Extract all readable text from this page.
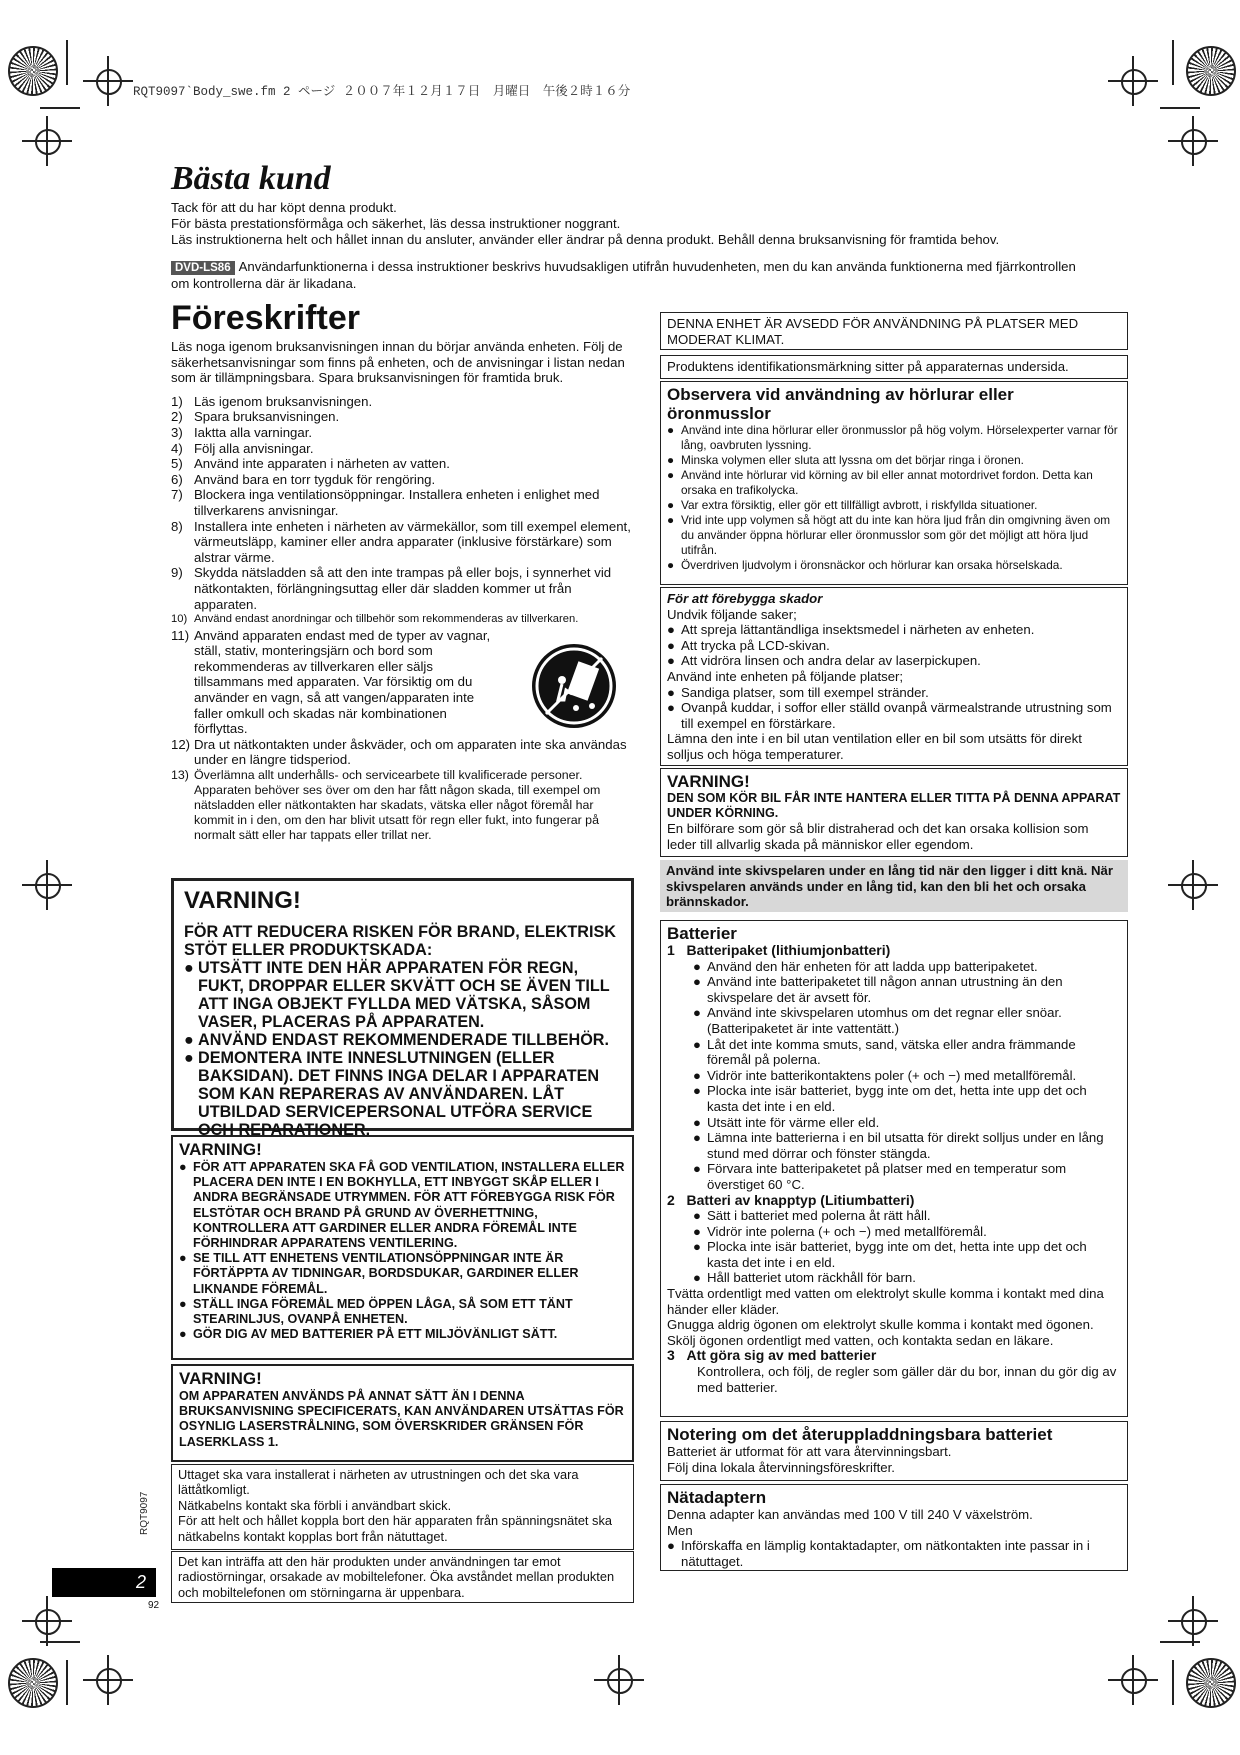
RQT9097`Body_swe.fm 2 ページ ２００７年１２月１７日　月曜日　午後２時１６分
Bästa kund

Tack för att du har köpt denna produkt.

För bästa prestationsförmåga och säkerhet, läs dessa instruktioner noggrant.

Läs instruktionerna helt och hållet innan du ansluter, använder eller ändrar på denna produkt. Behåll denna bruksanvisning för framtida behov.

DVD-LS86 Användarfunktionerna i dessa instruktioner beskrivs huvudsakligen utifrån huvudenheten, men du kan använda funktionerna med fjärrkontrollen om kontrollerna där är likadana.
Föreskrifter

Läs noga igenom bruksanvisningen innan du börjar använda enheten. Följ de säkerhetsanvisningar som finns på enheten, och de anvisningar i listan nedan som är tillämpningsbara. Spara bruksanvisningen för framtida bruk.

1) Läs igenom bruksanvisningen.
2) Spara bruksanvisningen.
3) Iaktta alla varningar.
4) Följ alla anvisningar.
5) Använd inte apparaten i närheten av vatten.
6) Använd bara en torr tygduk för rengöring.
7) Blockera inga ventilationsöppningar. Installera enheten i enlighet med tillverkarens anvisningar.
8) Installera inte enheten i närheten av värmekällor, som till exempel element, värmeutsläpp, kaminer eller andra apparater (inklusive förstärkare) som alstrar värme.
9) Skydda nätsladden så att den inte trampas på eller bojs, i synnerhet vid nätkontakten, förlängningsuttag eller där sladden kommer ut från apparaten.
10) Använd endast anordningar och tillbehör som rekommenderas av tillverkaren.
11) Använd apparaten endast med de typer av vagnar, ställ, stativ, monteringsjärn och bord som rekommenderas av tillverkaren eller säljs tillsammans med apparaten. Var försiktig om du använder en vagn, så att vangen/apparaten inte faller omkull och skadas när kombinationen förflyttas.
12) Dra ut nätkontakten under åskväder, och om apparaten inte ska användas under en längre tidsperiod.
13) Överlämna allt underhålls- och servicearbete till kvalificerade personer. Apparaten behöver ses över om den har fått någon skada, till exempel om nätsladden eller nätkontakten har skadats, vätska eller något föremål har kommit in i den, om den har blivit utsatt för regn eller fukt, into fungerar på normalt sätt eller har tappats eller trillat ner.
VARNING!
FÖR ATT REDUCERA RISKEN FÖR BRAND, ELEKTRISK STÖT ELLER PRODUKTSKADA:
● UTSÄTT INTE DEN HÄR APPARATEN FÖR REGN, FUKT, DROPPAR ELLER SKVÄTT OCH SE ÄVEN TILL ATT INGA OBJEKT FYLLDA MED VÄTSKA, SÅSOM VASER, PLACERAS PÅ APPARATEN.
● ANVÄND ENDAST REKOMMENDERADE TILLBEHÖR.
● DEMONTERA INTE INNESLUTNINGEN (ELLER BAKSIDAN). DET FINNS INGA DELAR I APPARATEN SOM KAN REPARERAS AV ANVÄNDAREN. LÅT UTBILDAD SERVICEPERSONAL UTFÖRA SERVICE OCH REPARATIONER.
VARNING!
● FÖR ATT APPARATEN SKA FÅ GOD VENTILATION, INSTALLERA ELLER PLACERA DEN INTE I EN BOKHYLLA, ETT INBYGGT SKÅP ELLER I ANDRA BEGRÄNSADE UTRYMMEN. FÖR ATT FÖREBYGGA RISK FÖR ELSTÖTAR OCH BRAND PÅ GRUND AV ÖVERHETTNING, KONTROLLERA ATT GARDINER ELLER ANDRA FÖREMÅL INTE FÖRHINDRAR APPARATENS VENTILERING.
● SE TILL ATT ENHETENS VENTILATIONSÖPPNINGAR INTE ÄR FÖRTÄPPTA AV TIDNINGAR, BORDSDUKAR, GARDINER ELLER LIKNANDE FÖREMÅL.
● STÄLL INGA FÖREMÅL MED ÖPPEN LÅGA, SÅ SOM ETT TÄNT STEARINLJUS, OVANPÅ ENHETEN.
● GÖR DIG AV MED BATTERIER PÅ ETT MILJÖVÄNLIGT SÄTT.
VARNING!
OM APPARATEN ANVÄNDS PÅ ANNAT SÄTT ÄN I DENNA BRUKSANVISNING SPECIFICERATS, KAN ANVÄNDAREN UTSÄTTAS FÖR OSYNLIG LASERSTRÅLNING, SOM ÖVERSKRIDER GRÄNSEN FÖR LASERKLASS 1.
Uttaget ska vara installerat i närheten av utrustningen och det ska vara lättåtkomligt.
Nätkabelns kontakt ska förbli i användbart skick.
För att helt och hållet koppla bort den här apparaten från spänningsnätet ska nätkabelns kontakt kopplas bort från nätuttaget.
Det kan inträffa att den här produkten under användningen tar emot radiostörningar, orsakade av mobiltelefoner. Öka avståndet mellan produkten och mobiltelefonen om störningarna är uppenbara.
2
RQT9097
92
DENNA ENHET ÄR AVSEDD FÖR ANVÄNDNING PÅ PLATSER MED MODERAT KLIMAT.
Produktens identifikationsmärkning sitter på apparaternas undersida.
Observera vid användning av hörlurar eller öronmusslor
● Använd inte dina hörlurar eller öronmusslor på hög volym. Hörselexperter varnar för lång, oavbruten lyssning.
● Minska volymen eller sluta att lyssna om det börjar ringa i öronen.
● Använd inte hörlurar vid körning av bil eller annat motordrivet fordon. Detta kan orsaka en trafikolycka.
● Var extra försiktig, eller gör ett tillfälligt avbrott, i riskfyllda situationer.
● Vrid inte upp volymen så högt att du inte kan höra ljud från din omgivning även om du använder öppna hörlurar eller öronmusslor som gör det möjligt att höra ljud utifrån.
● Överdriven ljudvolym i öronsnäckor och hörlurar kan orsaka hörselskada.
För att förebygga skador
Undvik följande saker;
● Att spreja lättantändliga insektsmedel i närheten av enheten.
● Att trycka på LCD-skivan.
● Att vidröra linsen och andra delar av laserpickupen.
Använd inte enheten på följande platser;
● Sandiga platser, som till exempel stränder.
● Ovanpå kuddar, i soffor eller ställd ovanpå värmealstrande utrustning som till exempel en förstärkare.
Lämna den inte i en bil utan ventilation eller en bil som utsätts för direkt solljus och höga temperaturer.
VARNING!
DEN SOM KÖR BIL FÅR INTE HANTERA ELLER TITTA PÅ DENNA APPARAT UNDER KÖRNING.
En bilförare som gör så blir distraherad och det kan orsaka kollision som leder till allvarlig skada på människor eller egendom.
Använd inte skivspelaren under en lång tid när den ligger i ditt knä. När skivspelaren används under en lång tid, kan den bli het och orsaka brännskador.
Batterier
1 Batteripaket (lithiumjonbatteri)
● Använd den här enheten för att ladda upp batteripaketet.
● Använd inte batteripaketet till någon annan utrustning än den skivspelare det är avsett för.
● Använd inte skivspelaren utomhus om det regnar eller snöar. (Batteripaketet är inte vattentätt.)
● Låt det inte komma smuts, sand, vätska eller andra främmande föremål på polerna.
● Vidrör inte batterikontaktens poler (+ och −) med metallföremål.
● Plocka inte isär batteriet, bygg inte om det, hetta inte upp det och kasta det inte i en eld.
● Utsätt inte för värme eller eld.
● Lämna inte batterierna i en bil utsatta för direkt solljus under en lång stund med dörrar och fönster stängda.
● Förvara inte batteripaketet på platser med en temperatur som överstiget 60 °C.
2 Batteri av knapptyp (Litiumbatteri)
● Sätt i batteriet med polerna åt rätt håll.
● Vidrör inte polerna (+ och −) med metallföremål.
● Plocka inte isär batteriet, bygg inte om det, hetta inte upp det och kasta det inte i en eld.
● Håll batteriet utom räckhåll för barn.
Tvätta ordentligt med vatten om elektrolyt skulle komma i kontakt med dina händer eller kläder.
Gnugga aldrig ögonen om elektrolyt skulle komma i kontakt med ögonen.
Skölj ögonen ordentligt med vatten, och kontakta sedan en läkare.
3 Att göra sig av med batterier
Kontrollera, och följ, de regler som gäller där du bor, innan du gör dig av med batterier.
Notering om det återuppladdningsbara batteriet
Batteriet är utformat för att vara återvinningsbart.
Följ dina lokala återvinningsföreskrifter.
Nätadaptern
Denna adapter kan användas med 100 V till 240 V växelström.
Men
● Införskaffa en lämplig kontaktadapter, om nätkontakten inte passar in i nätuttaget.
